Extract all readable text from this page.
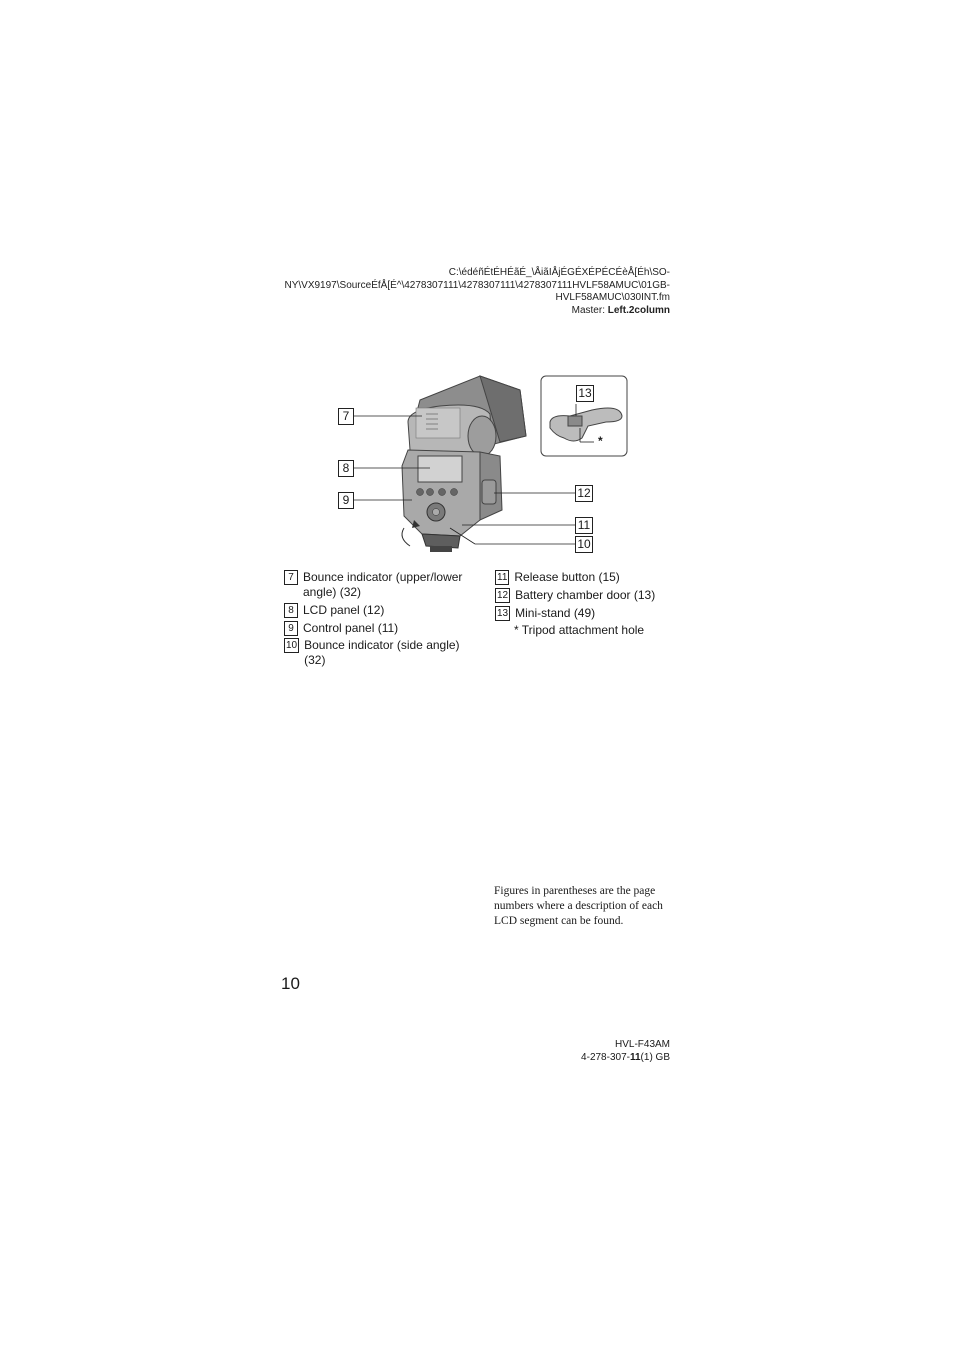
C:\édéñÉtÉHÉãÉ_\ÅiãIÅjÉGÉXÉPÉCÉèÅ[Éh\SO-
NY\VX9197\SourceÉfÅ[É^\4278307111\4278307111\4278307111HVLF58AMUC\01GB-
HVLF58AMUC\030INT.fm
Master: Left.2column
7
8
9
13
12
11
10
*
7 Bounce indicator (upper/lower
angle) (32)
8 LCD panel (12)
9 Control panel (11)
10 Bounce indicator (side angle)
(32)
11 Release button (15)
12 Battery chamber door (13)
13 Mini-stand (49)
* Tripod attachment hole
Figures in parentheses are the page numbers where a description of each LCD segment can be found.
10
HVL-F43AM
4-278-307-11(1) GB
